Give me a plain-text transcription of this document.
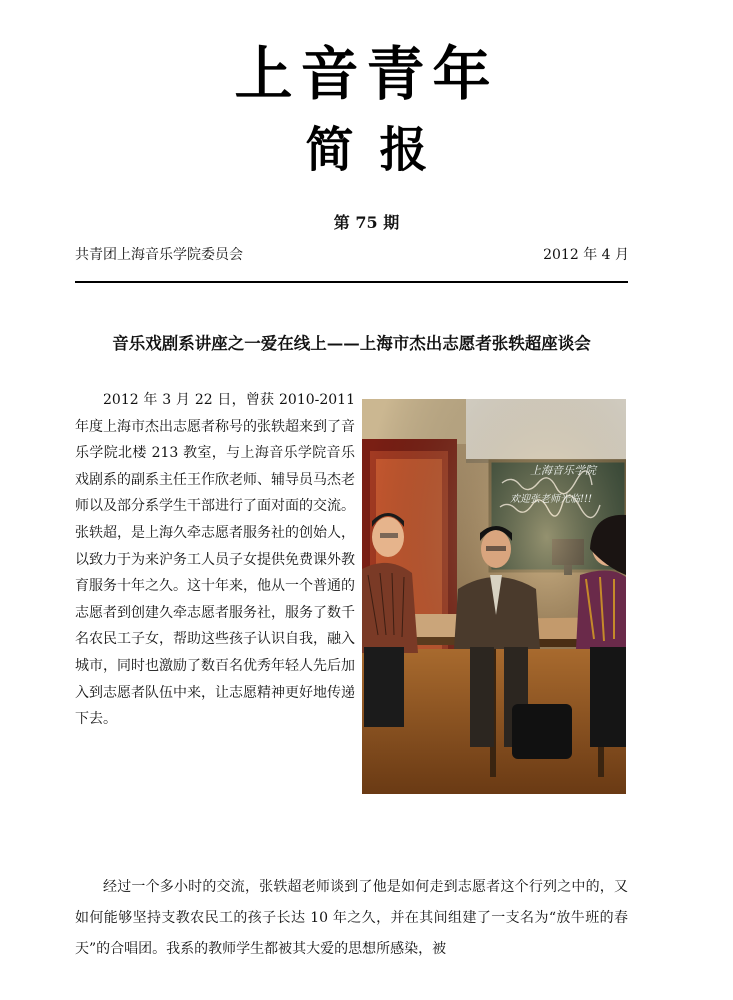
上音青年
简报
第 75 期
共青团上海音乐学院委员会	2012 年 4 月
音乐戏剧系讲座之一爱在线上——上海市杰出志愿者张轶超座谈会
上海音乐学院
欢迎张老师光临!!!
2012 年 3 月 22 日，曾获 2010-2011 年度上海市杰出志愿者称号的张轶超来到了音乐学院北楼 213 教室，与上海音乐学院音乐戏剧系的副系主任王作欣老师、辅导员马杰老师以及部分系学生干部进行了面对面的交流。张轶超，是上海久牵志愿者服务社的创始人，以致力于为来沪务工人员子女提供免费课外教育服务十年之久。这十年来，他从一个普通的志愿者到创建久牵志愿者服务社，服务了数千名农民工子女，帮助这些孩子认识自我，融入城市，同时也激励了数百名优秀年轻人先后加入到志愿者队伍中来，让志愿精神更好地传递下去。
经过一个多小时的交流，张轶超老师谈到了他是如何走到志愿者这个行列之中的，又如何能够坚持支教农民工的孩子长达 10 年之久，并在其间组建了一支名为“放牛班的春天”的合唱团。我系的教师学生都被其大爱的思想所感染，被
